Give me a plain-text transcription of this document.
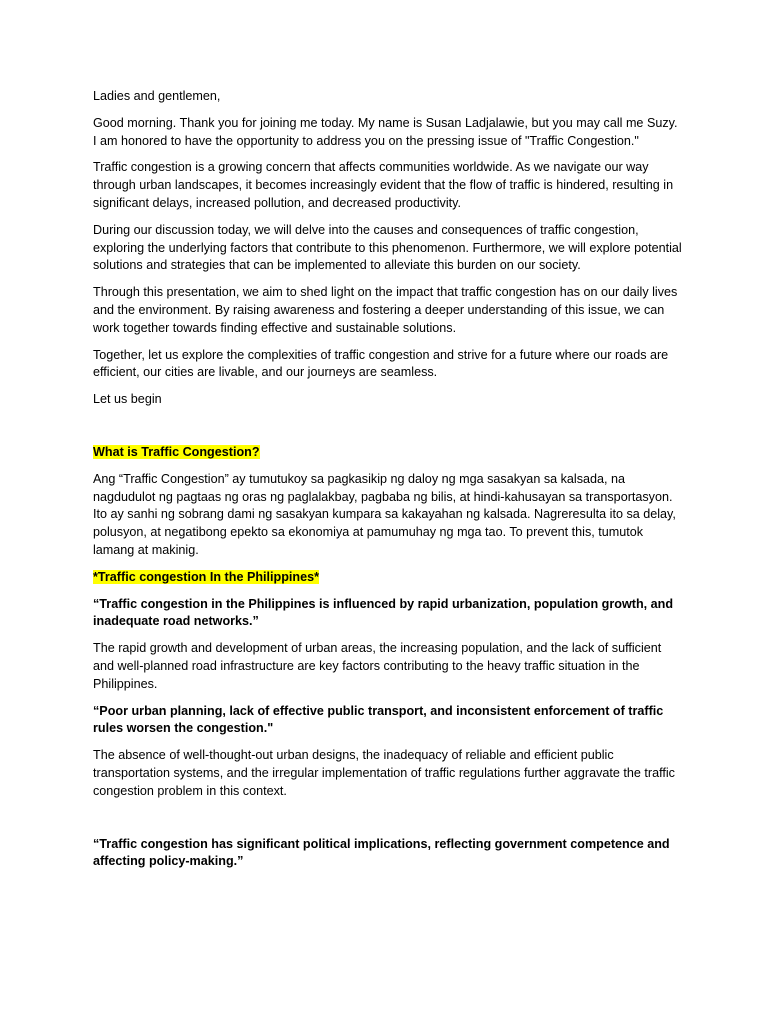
Ladies and gentlemen,

Good morning. Thank you for joining me today. My name is Susan Ladjalawie, but you may call me Suzy. I am honored to have the opportunity to address you on the pressing issue of "Traffic Congestion."

Traffic congestion is a growing concern that affects communities worldwide. As we navigate our way through urban landscapes, it becomes increasingly evident that the flow of traffic is hindered, resulting in significant delays, increased pollution, and decreased productivity.

During our discussion today, we will delve into the causes and consequences of traffic congestion, exploring the underlying factors that contribute to this phenomenon. Furthermore, we will explore potential solutions and strategies that can be implemented to alleviate this burden on our society.

Through this presentation, we aim to shed light on the impact that traffic congestion has on our daily lives and the environment. By raising awareness and fostering a deeper understanding of this issue, we can work together towards finding effective and sustainable solutions.

Together, let us explore the complexities of traffic congestion and strive for a future where our roads are efficient, our cities are livable, and our journeys are seamless.

Let us begin

What is Traffic Congestion?

Ang “Traffic Congestion” ay tumutukoy sa pagkasikip ng daloy ng mga sasakyan sa kalsada, na nagdudulot ng pagtaas ng oras ng paglalakbay, pagbaba ng bilis, at hindi-kahusayan sa transportasyon. Ito ay sanhi ng sobrang dami ng sasakyan kumpara sa kakayahan ng kalsada. Nagreresulta ito sa delay, polusyon, at negatibong epekto sa ekonomiya at pamumuhay ng mga tao. To prevent this, tumutok lamang at makinig.

*Traffic congestion In the Philippines*

“Traffic congestion in the Philippines is influenced by rapid urbanization, population growth, and inadequate road networks.”

The rapid growth and development of urban areas, the increasing population, and the lack of sufficient and well-planned road infrastructure are key factors contributing to the heavy traffic situation in the Philippines.

“Poor urban planning, lack of effective public transport, and inconsistent enforcement of traffic rules worsen the congestion."

The absence of well-thought-out urban designs, the inadequacy of reliable and efficient public transportation systems, and the irregular implementation of traffic regulations further aggravate the traffic congestion problem in this context.

“Traffic congestion has significant political implications, reflecting government competence and affecting policy-making.”
